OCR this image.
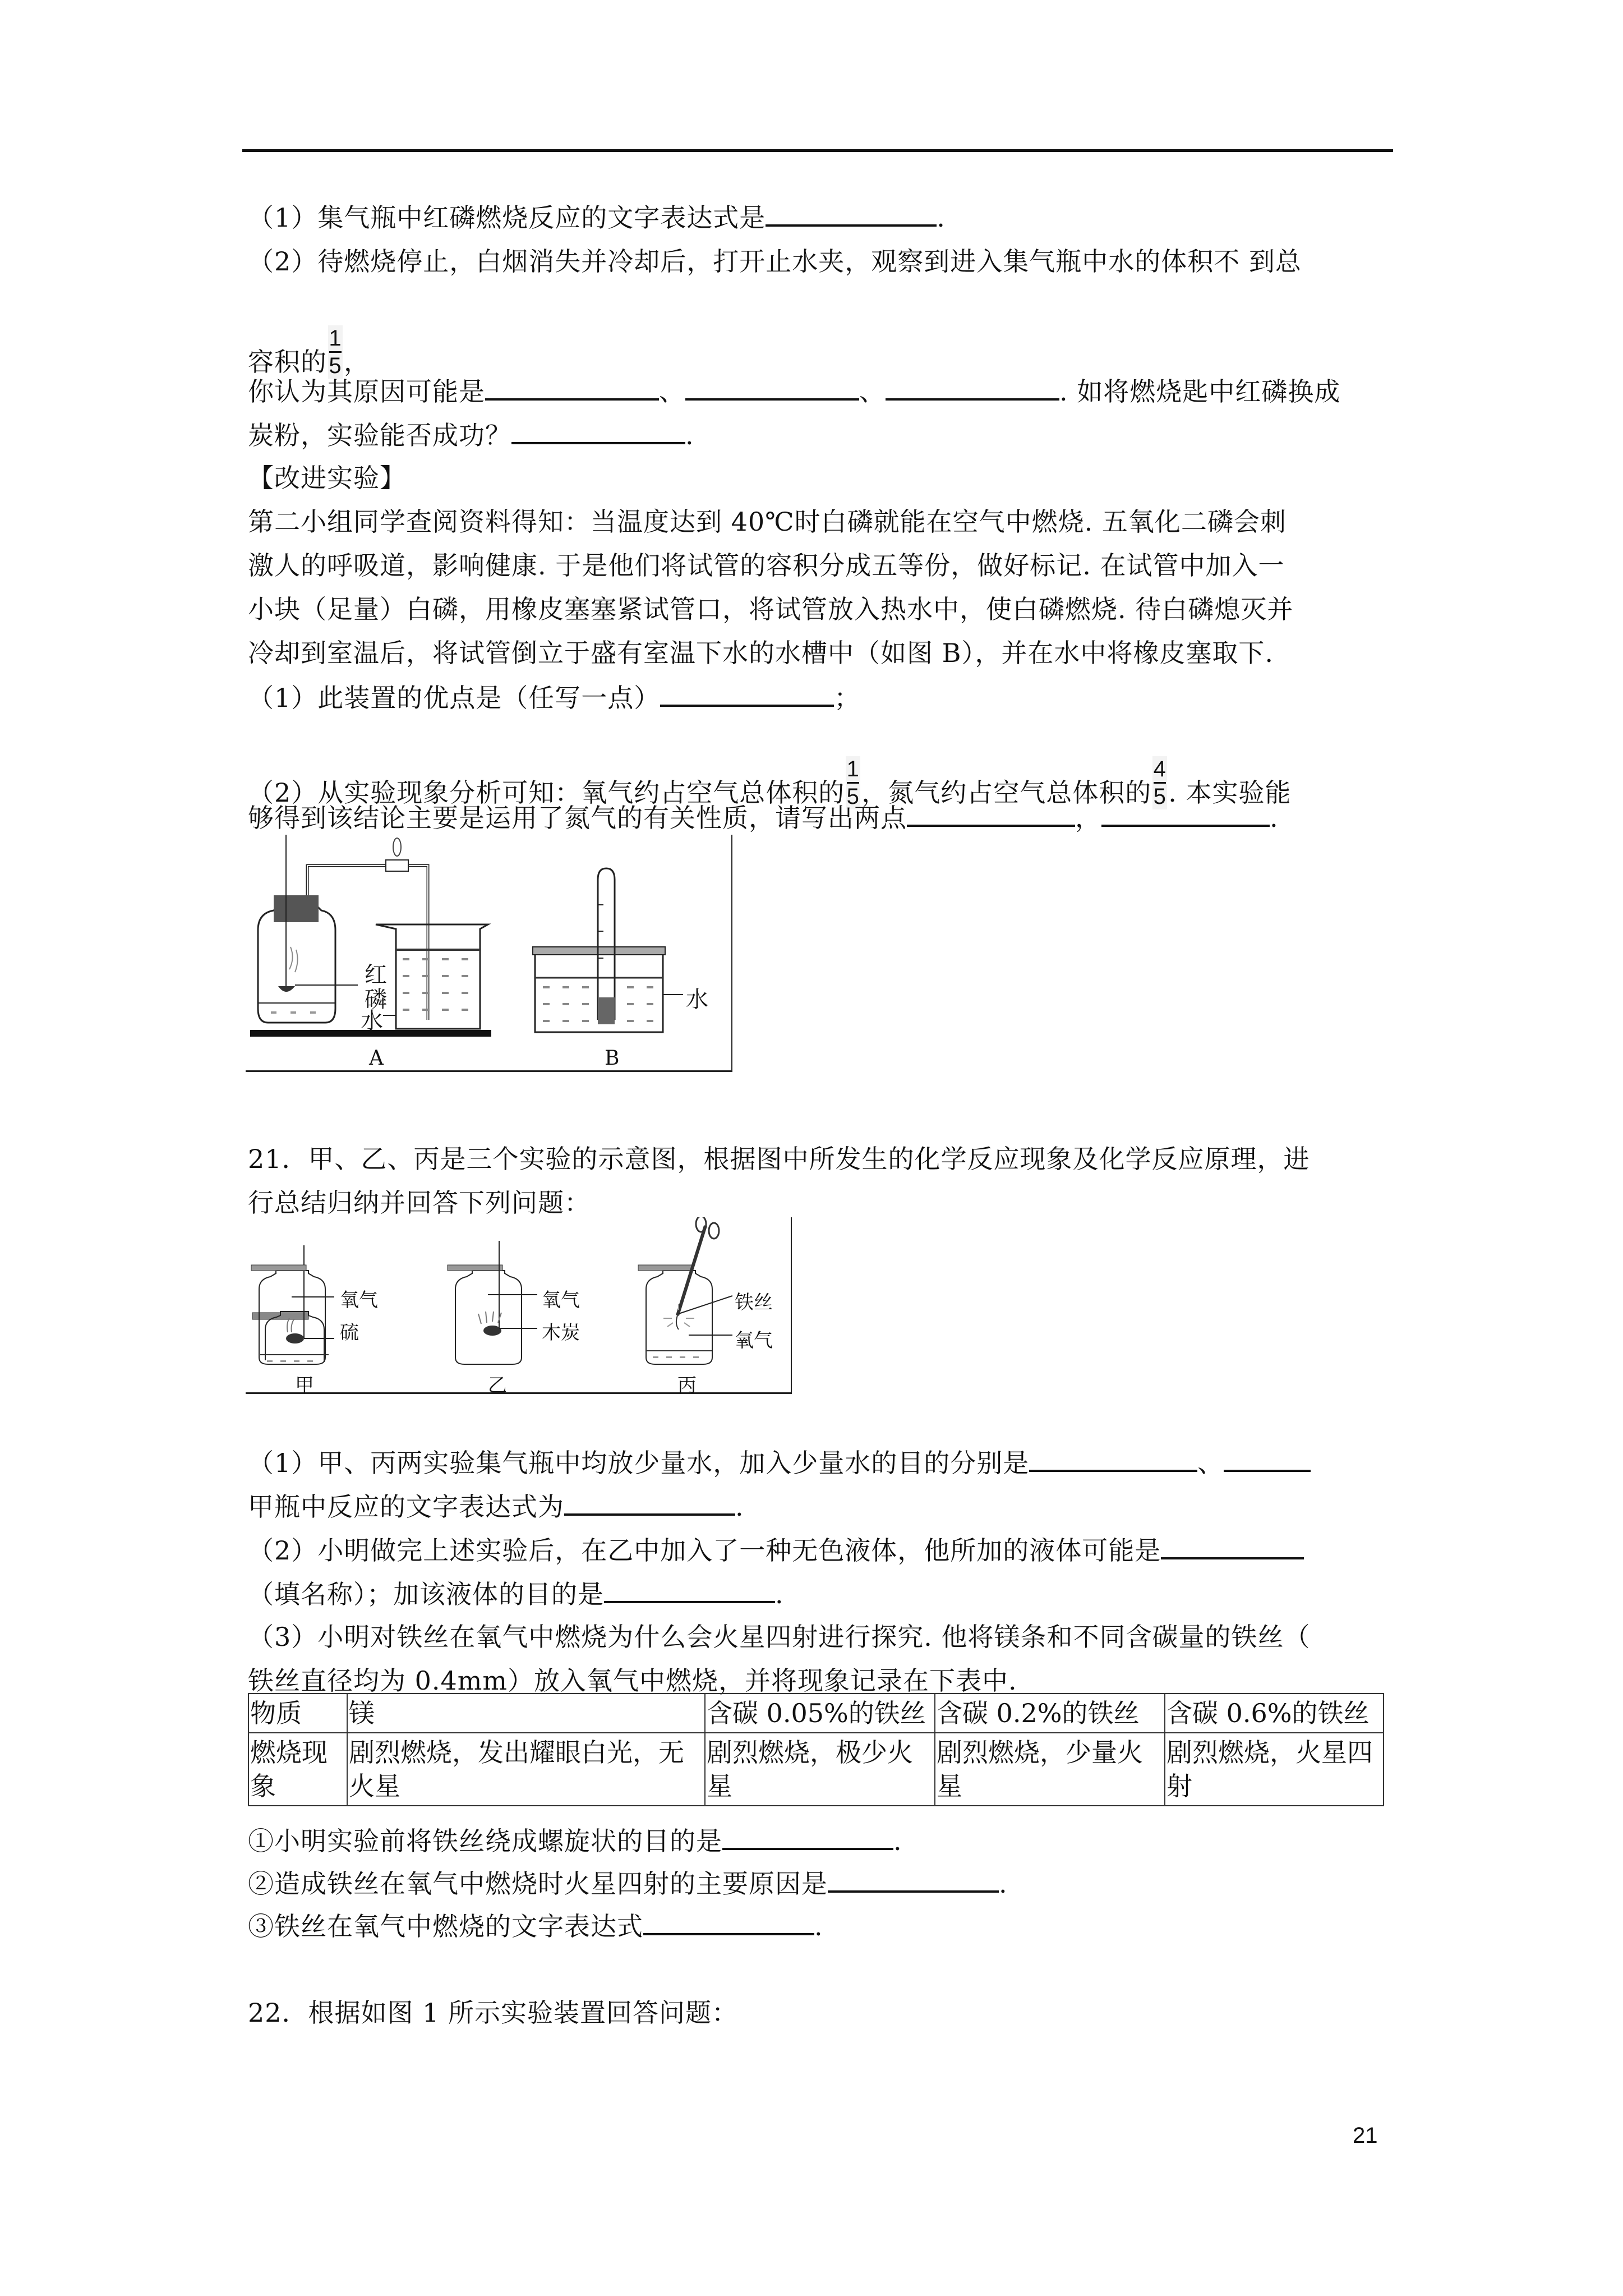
（1）集气瓶中红磷燃烧反应的文字表达式是	.
（2）待燃烧停止，白烟消失并冷却后，打开止水夹，观察到进入集气瓶中水的体积不 到总
容积的 $\frac{1}{5}$ ，
你认为其原因可能是	、	、	. 如将燃烧匙中红磷换成
炭粉，实验能否成功？	.
【改进实验】
第二小组同学查阅资料得知：当温度达到 40℃时白磷就能在空气中燃烧. 五氧化二磷会刺
激人的呼吸道，影响健康. 于是他们将试管的容积分成五等份，做好标记. 在试管中加入一
小块（足量）白磷，用橡皮塞塞紧试管口，将试管放入热水中，使白磷燃烧. 待白磷熄灭并
冷却到室温后，将试管倒立于盛有室温下水的水槽中（如图 B），并在水中将橡皮塞取下.
（1）此装置的优点是（任写一点）	；
（2）从实验现象分析可知：氧气约占空气总体积的 $\frac{1}{5}$ ，氮气约占空气总体积的 $\frac{4}{5}$ . 本实验能
够得到该结论主要是运用了氮气的有关性质，请写出两点	，	.
红
磷
水
水
A	B
21．甲、乙、丙是三个实验的示意图，根据图中所发生的化学反应现象及化学反应原理，进
行总结归纳并回答下列问题：
氧气
硫
氧气
木炭
铁丝
氧气
甲	乙	丙
（1）甲、丙两实验集气瓶中均放少量水，加入少量水的目的分别是	、
甲瓶中反应的文字表达式为	.
（2）小明做完上述实验后，在乙中加入了一种无色液体，他所加的液体可能是
（填名称）；加该液体的目的是	.
（3）小明对铁丝在氧气中燃烧为什么会火星四射进行探究. 他将镁条和不同含碳量的铁丝（
铁丝直径均为 0.4mm）放入氧气中燃烧，并将现象记录在下表中.
物质	镁	含碳 0.05%的铁丝	含碳 0.2%的铁丝	含碳 0.6%的铁丝
燃烧现象	剧烈燃烧，发出耀眼白光，无火星	剧烈燃烧，极少火星	剧烈燃烧，少量火星	剧烈燃烧，火星四射
①小明实验前将铁丝绕成螺旋状的目的是	.
②造成铁丝在氧气中燃烧时火星四射的主要原因是	.
③铁丝在氧气中燃烧的文字表达式	.
22．根据如图 1 所示实验装置回答问题：
21
